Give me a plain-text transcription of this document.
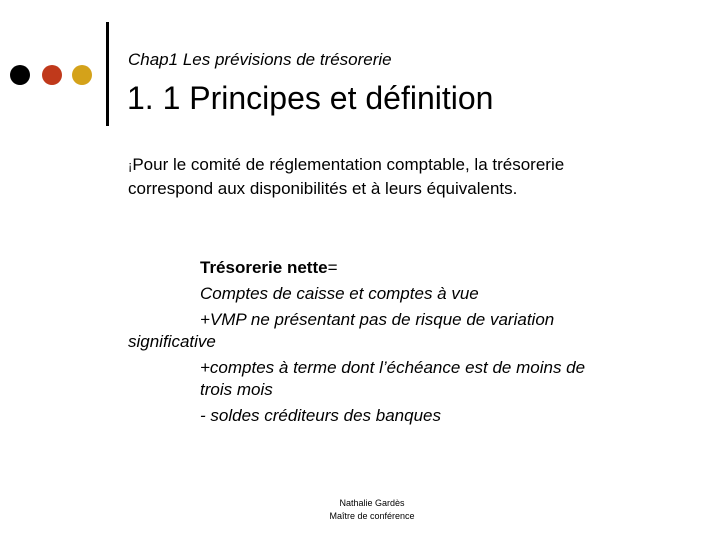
Chap1 Les prévisions de trésorerie
1. 1 Principes et définition
¡Pour le comité de réglementation comptable, la trésorerie correspond aux disponibilités et à leurs équivalents.
Trésorerie nette=
Comptes de caisse et comptes à vue
+VMP ne présentant pas de risque de variation
significative
+comptes à terme dont l’échéance est de moins de trois mois
- soldes créditeurs des banques
Nathalie Gardès
Maître de conférence
